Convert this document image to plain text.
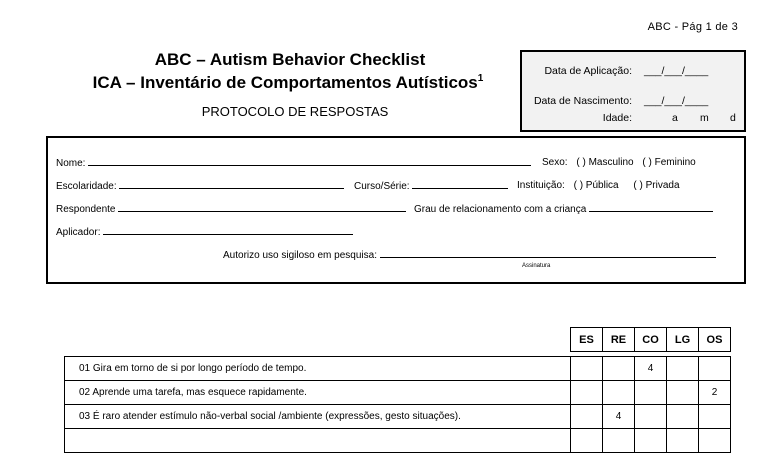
ABC - Pág 1 de 3
ABC – Autism Behavior Checklist
ICA – Inventário de Comportamentos Autísticos$^1$
PROTOCOLO DE RESPOSTAS
Data de Aplicação: ___/___/____
Data de Nascimento: ___/___/____
Idade:	a m d
Nome:	Sexo: ( ) Masculino ( ) Feminino
Escolaridade:	Curso/Série:	Instituição: ( ) Pública ( ) Privada
Respondente	Grau de relacionamento com a criança
Aplicador:
Autorizo uso sigiloso em pesquisa:
Assinatura
	ES	RE	CO	LG	OS

01 Gira em torno de si por longo período de tempo.			4		
02 Aprende uma tarefa, mas esquece rapidamente.					2
03 É raro atender estímulo não-verbal social /ambiente (expressões, gesto situações).		4			
